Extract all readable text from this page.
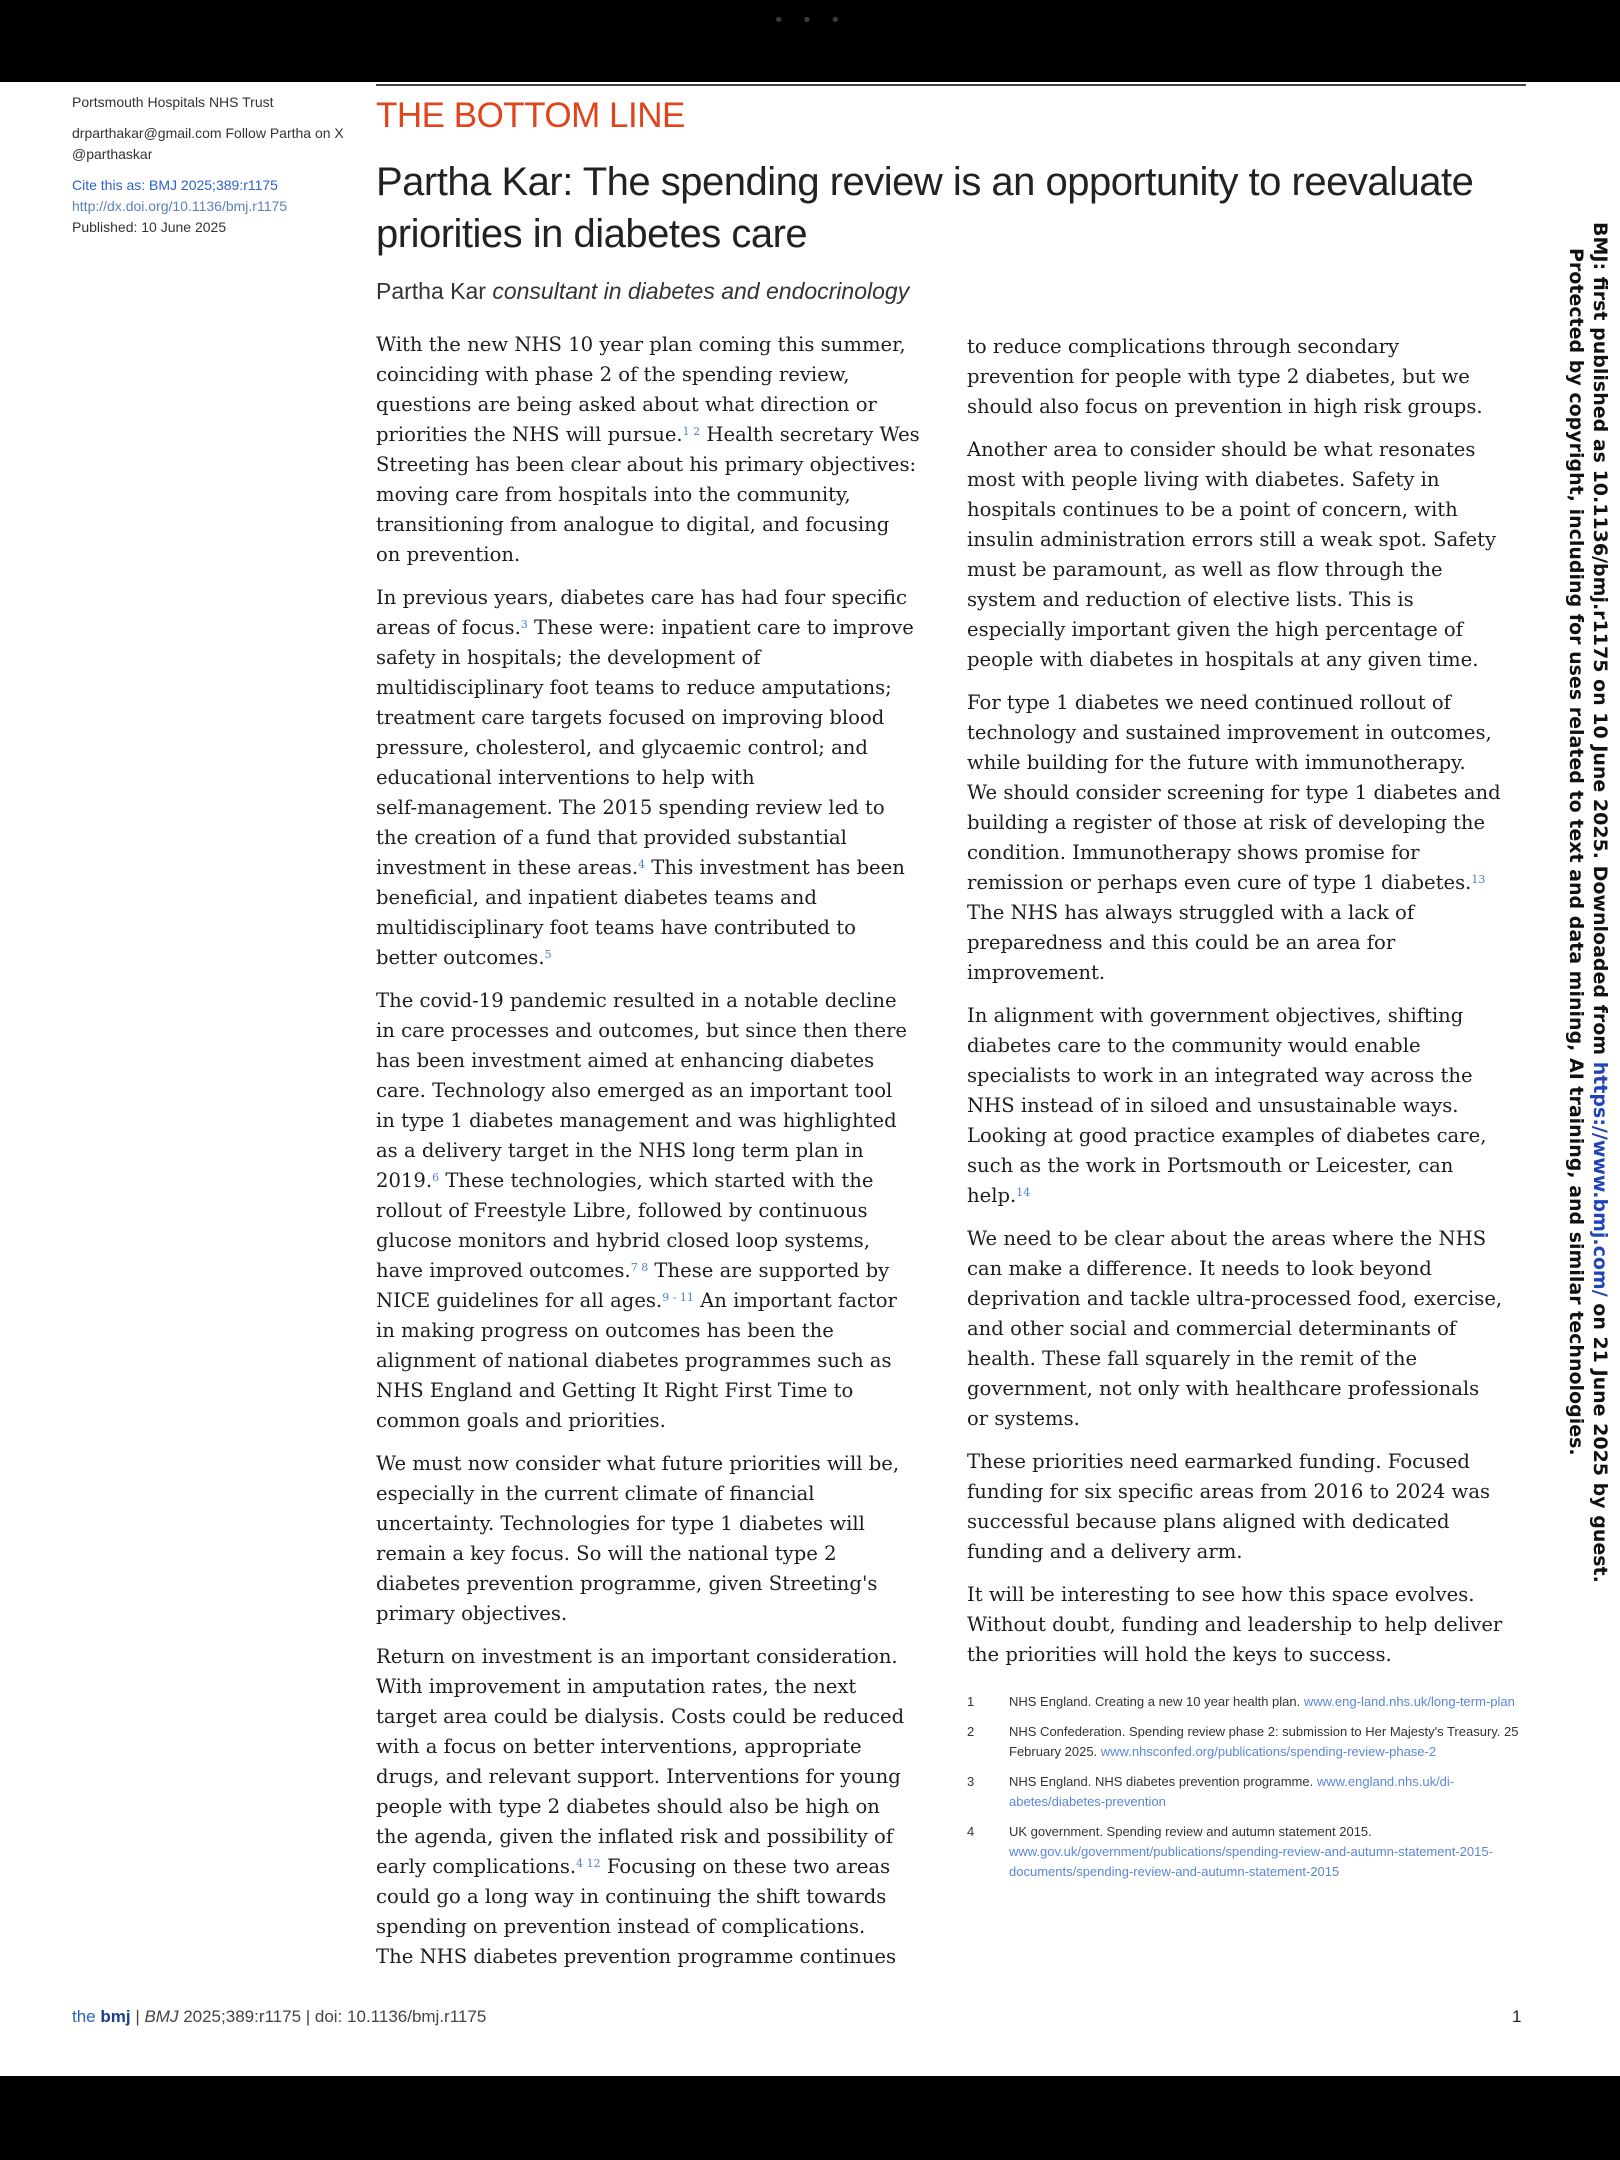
• • •
Portsmouth Hospitals NHS Trust
drparthakar@gmail.com Follow Partha on X @parthaskar
Cite this as: BMJ 2025;389:r1175
http://dx.doi.org/10.1136/bmj.r1175
Published: 10 June 2025
THE BOTTOM LINE
Partha Kar: The spending review is an opportunity to reevaluate priorities in diabetes care
Partha Kar consultant in diabetes and endocrinology

With the new NHS 10 year plan coming this summer,
coinciding with phase 2 of the spending review,
questions are being asked about what direction or
priorities the NHS will pursue.$^{1 2}$ Health secretary Wes
Streeting has been clear about his primary objectives:
moving care from hospitals into the community,
transitioning from analogue to digital, and focusing
on prevention.

In previous years, diabetes care has had four specific
areas of focus.$^3$ These were: inpatient care to improve
safety in hospitals; the development of
multidisciplinary foot teams to reduce amputations;
treatment care targets focused on improving blood
pressure, cholesterol, and glycaemic control; and
educational interventions to help with
self-management. The 2015 spending review led to
the creation of a fund that provided substantial
investment in these areas.$^4$ This investment has been
beneficial, and inpatient diabetes teams and
multidisciplinary foot teams have contributed to
better outcomes.$^5$

The covid-19 pandemic resulted in a notable decline
in care processes and outcomes, but since then there
has been investment aimed at enhancing diabetes
care. Technology also emerged as an important tool
in type 1 diabetes management and was highlighted
as a delivery target in the NHS long term plan in
2019.$^6$ These technologies, which started with the
rollout of Freestyle Libre, followed by continuous
glucose monitors and hybrid closed loop systems,
have improved outcomes.$^{7 8}$ These are supported by
NICE guidelines for all ages.$^{9 - 11}$ An important factor
in making progress on outcomes has been the
alignment of national diabetes programmes such as
NHS England and Getting It Right First Time to
common goals and priorities.

We must now consider what future priorities will be,
especially in the current climate of financial
uncertainty. Technologies for type 1 diabetes will
remain a key focus. So will the national type 2
diabetes prevention programme, given Streeting's
primary objectives.

Return on investment is an important consideration.
With improvement in amputation rates, the next
target area could be dialysis. Costs could be reduced
with a focus on better interventions, appropriate
drugs, and relevant support. Interventions for young
people with type 2 diabetes should also be high on
the agenda, given the inflated risk and possibility of
early complications.$^{4 12}$ Focusing on these two areas
could go a long way in continuing the shift towards
spending on prevention instead of complications.
The NHS diabetes prevention programme continues

to reduce complications through secondary
prevention for people with type 2 diabetes, but we
should also focus on prevention in high risk groups.

Another area to consider should be what resonates
most with people living with diabetes. Safety in
hospitals continues to be a point of concern, with
insulin administration errors still a weak spot. Safety
must be paramount, as well as flow through the
system and reduction of elective lists. This is
especially important given the high percentage of
people with diabetes in hospitals at any given time.

For type 1 diabetes we need continued rollout of
technology and sustained improvement in outcomes,
while building for the future with immunotherapy.
We should consider screening for type 1 diabetes and
building a register of those at risk of developing the
condition. Immunotherapy shows promise for
remission or perhaps even cure of type 1 diabetes.$^{13}$
The NHS has always struggled with a lack of
preparedness and this could be an area for
improvement.

In alignment with government objectives, shifting
diabetes care to the community would enable
specialists to work in an integrated way across the
NHS instead of in siloed and unsustainable ways.
Looking at good practice examples of diabetes care,
such as the work in Portsmouth or Leicester, can
help.$^{14}$

We need to be clear about the areas where the NHS
can make a difference. It needs to look beyond
deprivation and tackle ultra-processed food, exercise,
and other social and commercial determinants of
health. These fall squarely in the remit of the
government, not only with healthcare professionals
or systems.

These priorities need earmarked funding. Focused
funding for six specific areas from 2016 to 2024 was
successful because plans aligned with dedicated
funding and a delivery arm.

It will be interesting to see how this space evolves.
Without doubt, funding and leadership to help deliver
the priorities will hold the keys to success.

1	NHS England. Creating a new 10 year health plan. www.eng-land.nhs.uk/long-term-plan
2	NHS Confederation. Spending review phase 2: submission to Her Majesty's Treasury. 25 February 2025. www.nhsconfed.org/publications/spending-review-phase-2
3	NHS England. NHS diabetes prevention programme. www.england.nhs.uk/di-abetes/diabetes-prevention
4	UK government. Spending review and autumn statement 2015. www.gov.uk/government/publications/spending-review-and-autumn-statement-2015-documents/spending-review-and-autumn-statement-2015
the bmj | BMJ 2025;389:r1175 | doi: 10.1136/bmj.r1175	1
BMJ: first published as 10.1136/bmj.r1175 on 10 June 2025. Downloaded from https://www.bmj.com/ on 21 June 2025 by guest.
Protected by copyright, including for uses related to text and data mining, AI training, and similar technologies.
